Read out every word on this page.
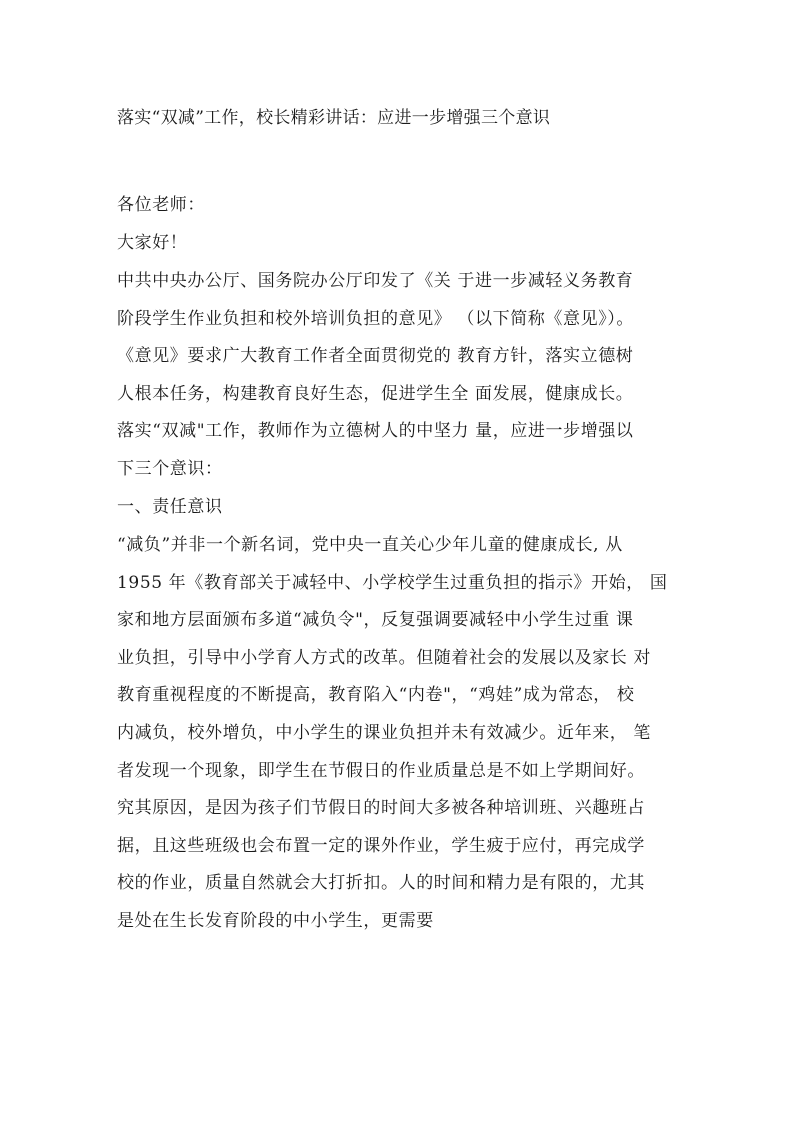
落实“双减”工作，校长精彩讲话：应进一步增强三个意识
各位老师：
大家好！
中共中央办公厅、国务院办公厅印发了《关 于进一步减轻义务教育
阶段学生作业负担和校外培训负担的意见》 （以下简称《意见》）。
《意见》要求广大教育工作者全面贯彻党的 教育方针，落实立德树
人根本任务，构建教育良好生态，促进学生全 面发展，健康成长。
落实“双减"工作，教师作为立德树人的中坚力 量，应进一步增强以
下三个意识：
一、责任意识
“减负”并非一个新名词，党中央一直关心少年儿童的健康成长, 从
1955 年《教育部关于减轻中、小学校学生过重负担的指示》开始， 国
家和地方层面颁布多道“减负令"，反复强调要减轻中小学生过重 课
业负担，引导中小学育人方式的改革。但随着社会的发展以及家长 对
教育重视程度的不断提高，教育陷入“内卷"，“鸡娃”成为常态， 校
内减负，校外增负，中小学生的课业负担并未有效减少。近年来， 笔
者发现一个现象，即学生在节假日的作业质量总是不如上学期间好。
究其原因，是因为孩子们节假日的时间大多被各种培训班、兴趣班占
据，且这些班级也会布置一定的课外作业，学生疲于应付，再完成学
校的作业，质量自然就会大打折扣。人的时间和精力是有限的，尤其
是处在生长发育阶段的中小学生，更需要
